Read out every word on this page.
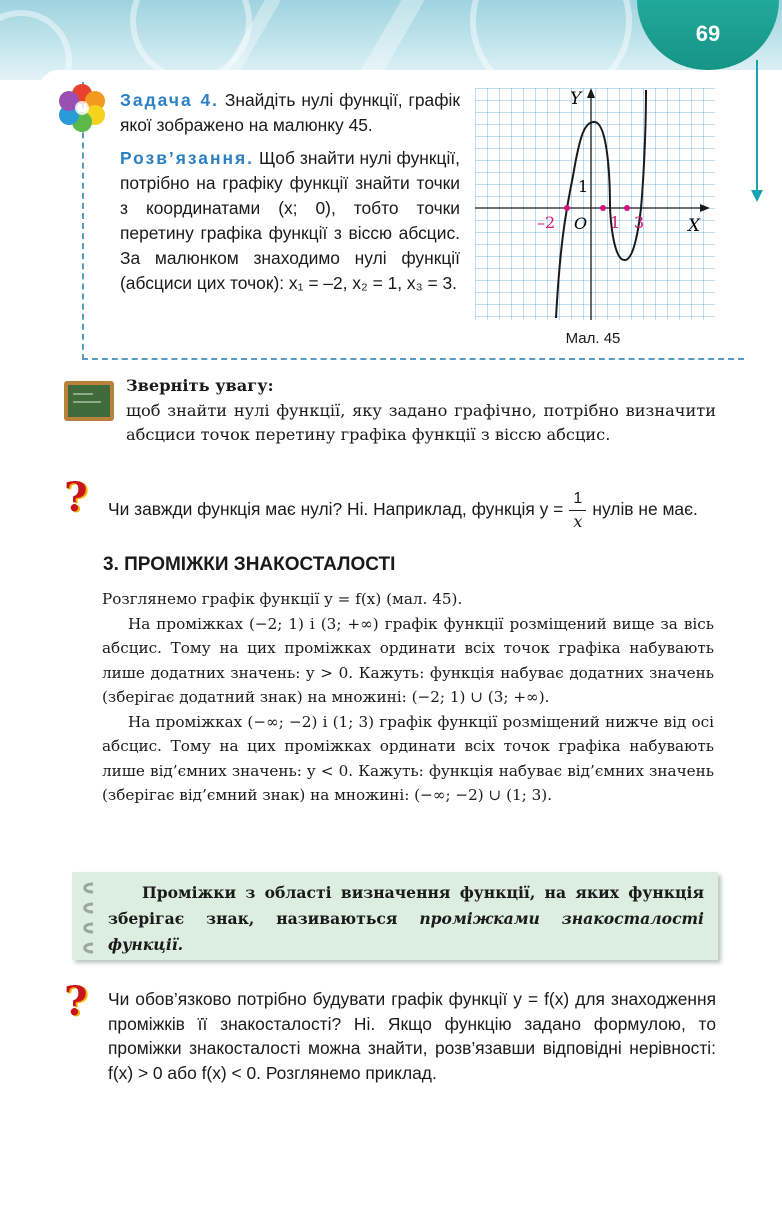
69

Задача 4. Знайдіть нулі функції, графік якої зображено на малюнку 45.

Розв’язання. Щоб знайти нулі функції, потрібно на графіку функції знайти точки з координатами (x; 0), тобто точки перетину графіка функції з віссю абсцис. За малюнком знаходимо нулі функції (абсциси цих точок): x₁ = –2, x₂ = 1, x₃ = 3.

Y
X
O
1
–2	1 3
Мал. 45
Зверніть увагу:
щоб знайти нулі функції, яку задано графічно, потрібно визначити абсциси точок перетину графіка функції з віссю абсцис.
? Чи завжди функція має нулі? Ні. Наприклад, функція $y = \frac{1}{x}$ нулів не має.
3. ПРОМІЖКИ ЗНАКОСТАЛОСТІ

Розглянемо графік функції y = f(x) (мал. 45).

На проміжках (−2; 1) і (3; +∞) графік функції розміщений вище за вісь абсцис. Тому на цих проміжках ординати всіх точок графіка набувають лише додатних значень: y > 0. Кажуть: функція набуває додатних значень (зберігає додатний знак) на множині: (−2; 1) ∪ (3; +∞).

На проміжках (−∞; −2) і (1; 3) графік функції розміщений нижче від осі абсцис. Тому на цих проміжках ординати всіх точок графіка набувають лише від’ємних значень: y < 0. Кажуть: функція набуває від’ємних значень (зберігає від’ємний знак) на множині: (−∞; −2) ∪ (1; 3).

Проміжки з області визначення функції, на яких функція зберігає знак, називаються проміжками знакосталості функції.
? Чи обов’язково потрібно будувати графік функції y = f(x) для знаходження проміжків її знакосталості? Ні. Якщо функцію задано формулою, то проміжки знакосталості можна знайти, розв’язавши відповідні нерівності: f(x) > 0 або f(x) < 0. Розглянемо приклад.
